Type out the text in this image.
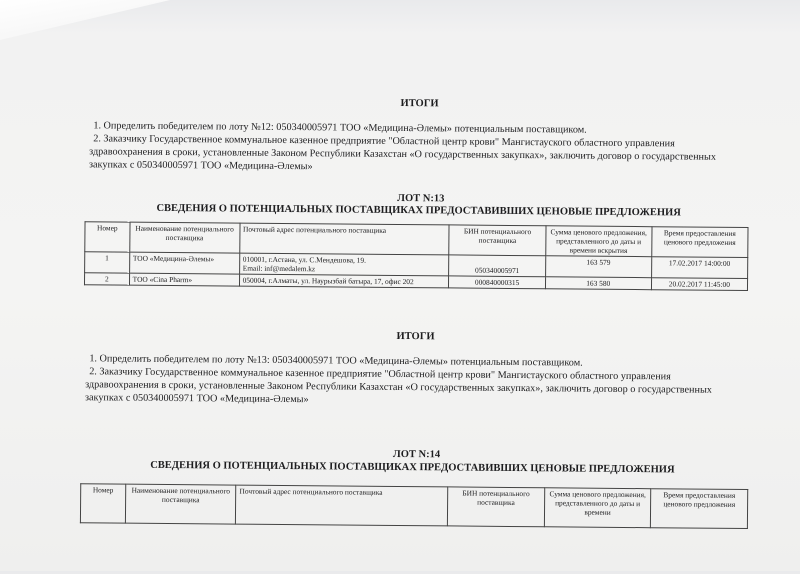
ИТОГИ

1. Определить победителем по лоту №12: 050340005971 ТОО «Медицина-Әлемы» потенциальным поставщиком.

2. Заказчику Государственное коммунальное казенное предприятие "Областной центр крови" Мангистауского областного управления здравоохранения в сроки, установленные Законом Республики Казахстан «О государственных закупках», заключить договор о государственных закупках с 050340005971 ТОО «Медицина-Әлемы»

ЛОТ N:13
СВЕДЕНИЯ О ПОТЕНЦИАЛЬНЫХ ПОСТАВЩИКАХ ПРЕДОСТАВИВШИХ ЦЕНОВЫЕ ПРЕДЛОЖЕНИЯ
Номер	Наименование потенциального поставщика	Почтовый адрес потенциального поставщика	БИН потенциального поставщика	Сумма ценового предложения, представленного до даты и времени вскрытия	Время предоставления ценового предложения
1	ТОО «Медицина-Әлемы»	010001, г.Астана, ул. С.Мендешова, 19.
Email: inf@medalem.kz	050340005971	163 579	17.02.2017 14:00:00
2	ТОО «Cina Pharm»	050004, г.Алматы, ул. Наурызбай батыра, 17, офис 202	000840000315	163 580	20.02.2017 11:45:00
ИТОГИ

1. Определить победителем по лоту №13: 050340005971 ТОО «Медицина-Әлемы» потенциальным поставщиком.

2. Заказчику Государственное коммунальное казенное предприятие "Областной центр крови" Мангистауского областного управления здравоохранения в сроки, установленные Законом Республики Казахстан «О государственных закупках», заключить договор о государственных закупках с 050340005971 ТОО «Медицина-Әлемы»

ЛОТ N:14
СВЕДЕНИЯ О ПОТЕНЦИАЛЬНЫХ ПОСТАВЩИКАХ ПРЕДОСТАВИВШИХ ЦЕНОВЫЕ ПРЕДЛОЖЕНИЯ
Номер	Наименование потенциального поставщика	Почтовый адрес потенциального поставщика	БИН потенциального поставщика	Сумма ценового предложения, представленного до даты и времени	Время предоставления ценового предложения
